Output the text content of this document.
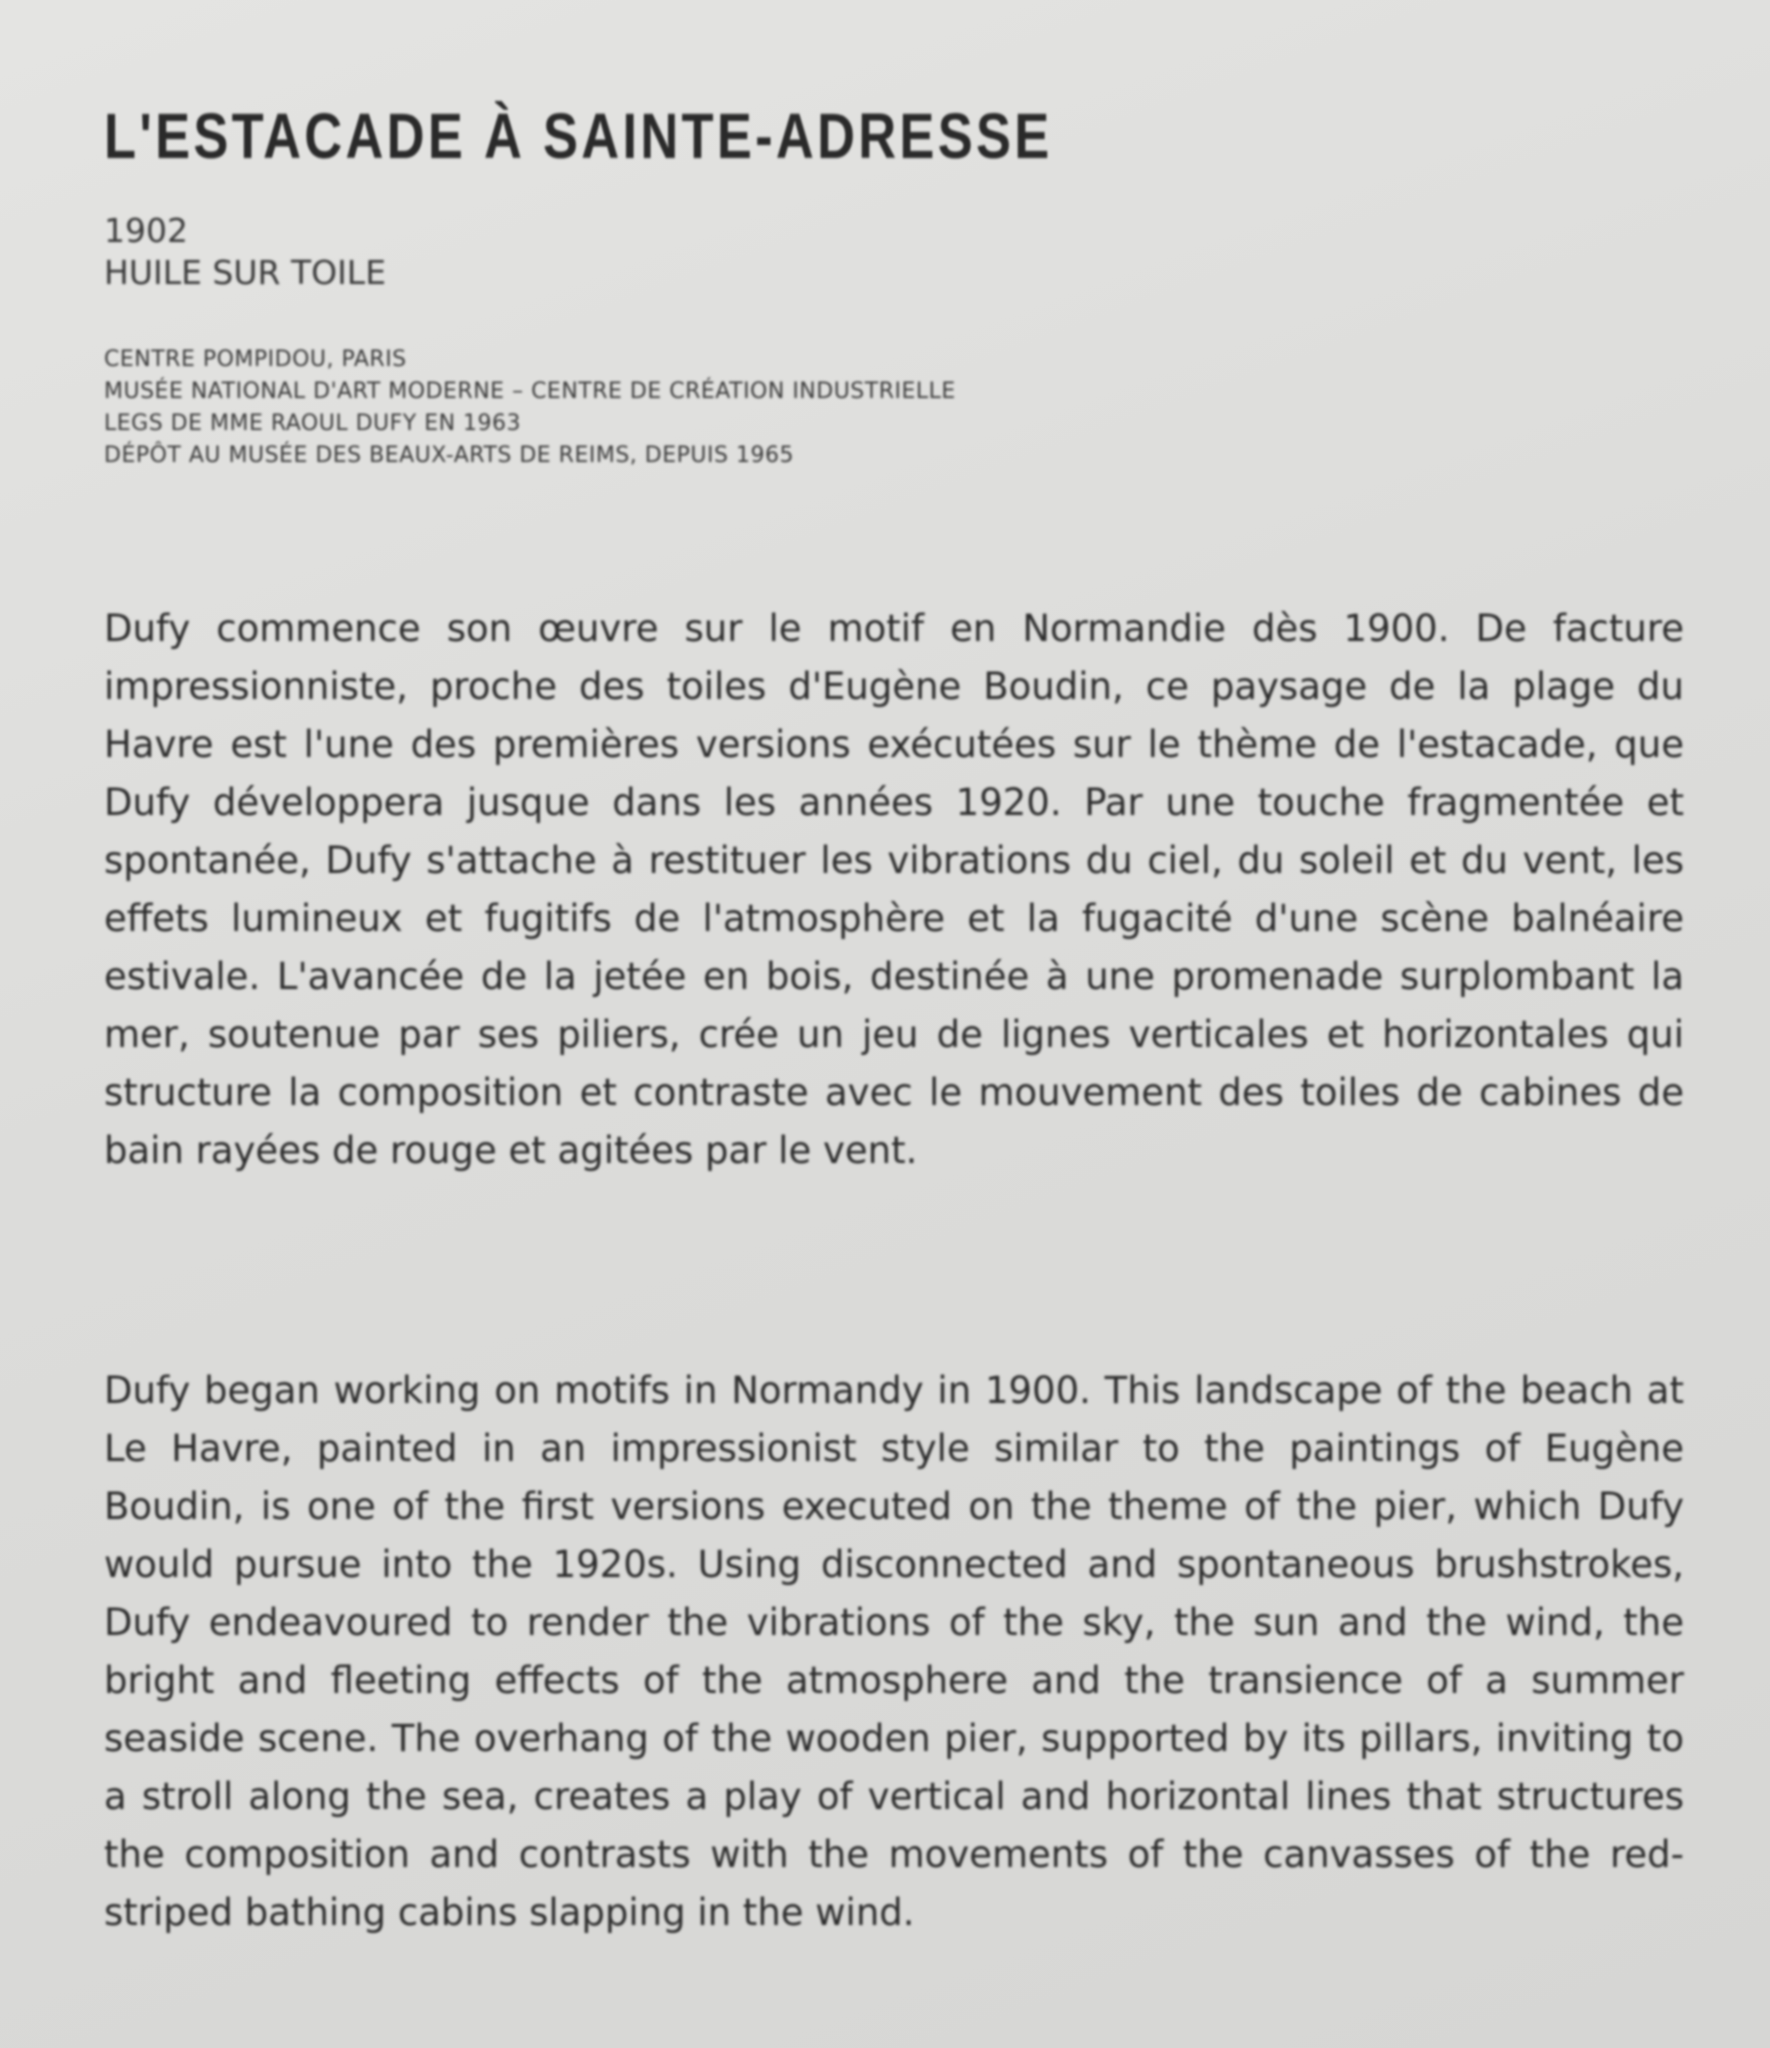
L'ESTACADE À SAINTE-ADRESSE
1902
HUILE SUR TOILE
CENTRE POMPIDOU, PARIS
MUSÉE NATIONAL D'ART MODERNE – CENTRE DE CRÉATION INDUSTRIELLE
LEGS DE MME RAOUL DUFY EN 1963
DÉPÔT AU MUSÉE DES BEAUX-ARTS DE REIMS, DEPUIS 1965

Dufy commence son œuvre sur le motif en Normandie dès 1900. De facture impressionniste, proche des toiles d'Eugène Boudin, ce paysage de la plage du Havre est l'une des premières versions exécutées sur le thème de l'estacade, que Dufy développera jusque dans les années 1920. Par une touche fragmentée et spontanée, Dufy s'attache à restituer les vibrations du ciel, du soleil et du vent, les effets lumineux et fugitifs de l'atmosphère et la fugacité d'une scène balnéaire estivale. L'avancée de la jetée en bois, destinée à une promenade surplombant la mer, soutenue par ses piliers, crée un jeu de lignes verticales et horizontales qui structure la composition et contraste avec le mouvement des toiles de cabines de bain rayées de rouge et agitées par le vent.

Dufy began working on motifs in Normandy in 1900. This landscape of the beach at Le Havre, painted in an impressionist style similar to the paintings of Eugène Boudin, is one of the first versions executed on the theme of the pier, which Dufy would pursue into the 1920s. Using disconnected and spontaneous brushstrokes, Dufy endeavoured to render the vibrations of the sky, the sun and the wind, the bright and fleeting effects of the atmosphere and the transience of a summer seaside scene. The overhang of the wooden pier, supported by its pillars, inviting to a stroll along the sea, creates a play of vertical and horizontal lines that structures the composition and contrasts with the movements of the canvasses of the red-striped bathing cabins slapping in the wind.
